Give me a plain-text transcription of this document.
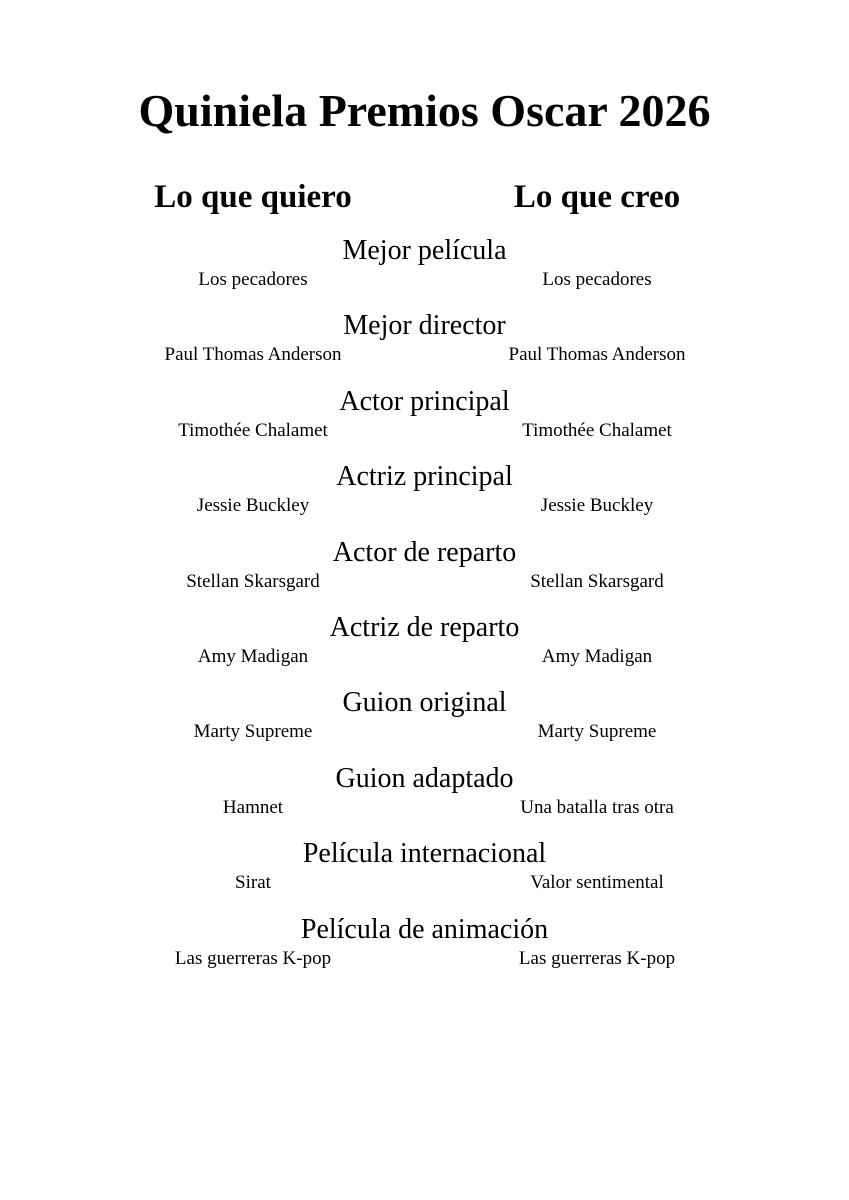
Quiniela Premios Oscar 2026
Lo que quiero	Lo que creo
Mejor película
Los pecadores	Los pecadores
Mejor director
Paul Thomas Anderson	Paul Thomas Anderson
Actor principal
Timothée Chalamet	Timothée Chalamet
Actriz principal
Jessie Buckley	Jessie Buckley
Actor de reparto
Stellan Skarsgard	Stellan Skarsgard
Actriz de reparto
Amy Madigan	Amy Madigan
Guion original
Marty Supreme	Marty Supreme
Guion adaptado
Hamnet	Una batalla tras otra
Película internacional
Sirat	Valor sentimental
Película de animación
Las guerreras K-pop	Las guerreras K-pop
